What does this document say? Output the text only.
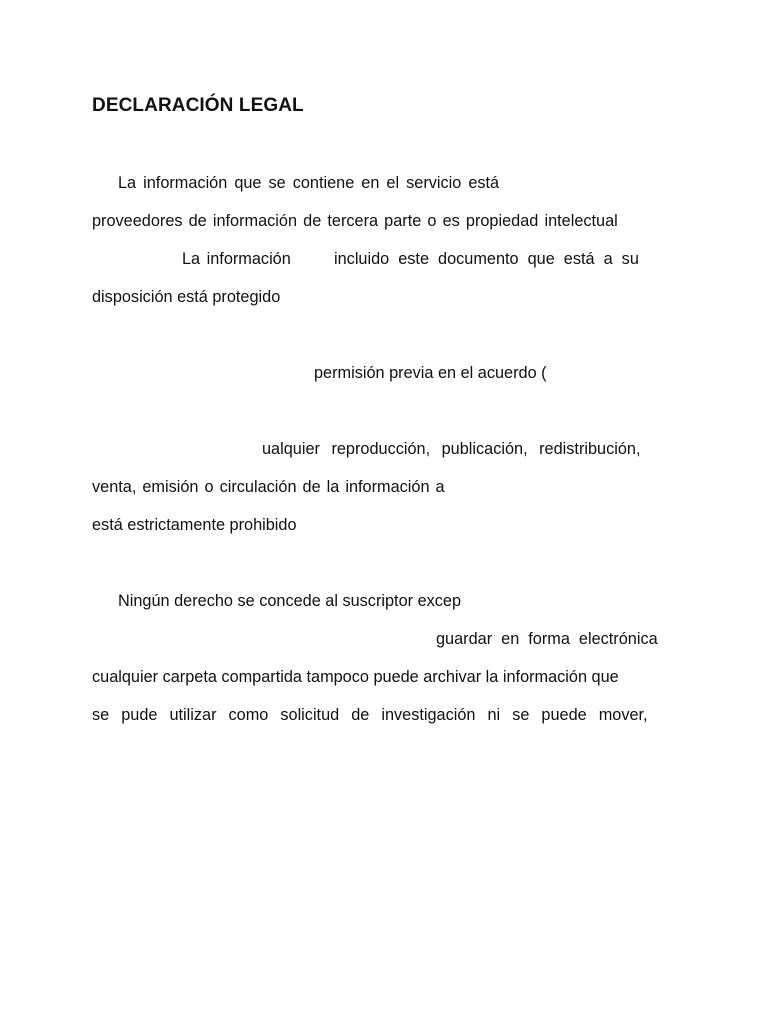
DECLARACIÓN LEGAL
La información que se contiene en el servicio está
proveedores de información de tercera parte o es propiedad intelectual
La información	incluido este documento que está a su
disposición está protegido
permisión previa en el acuerdo (
ualquier reproducción, publicación, redistribución,
venta, emisión o circulación de la información a
está estrictamente prohibido
Ningún derecho se concede al suscriptor excep
guardar en forma electrónica
cualquier carpeta compartida tampoco puede archivar la información que
se pude utilizar como solicitud de investigación ni se puede mover,
